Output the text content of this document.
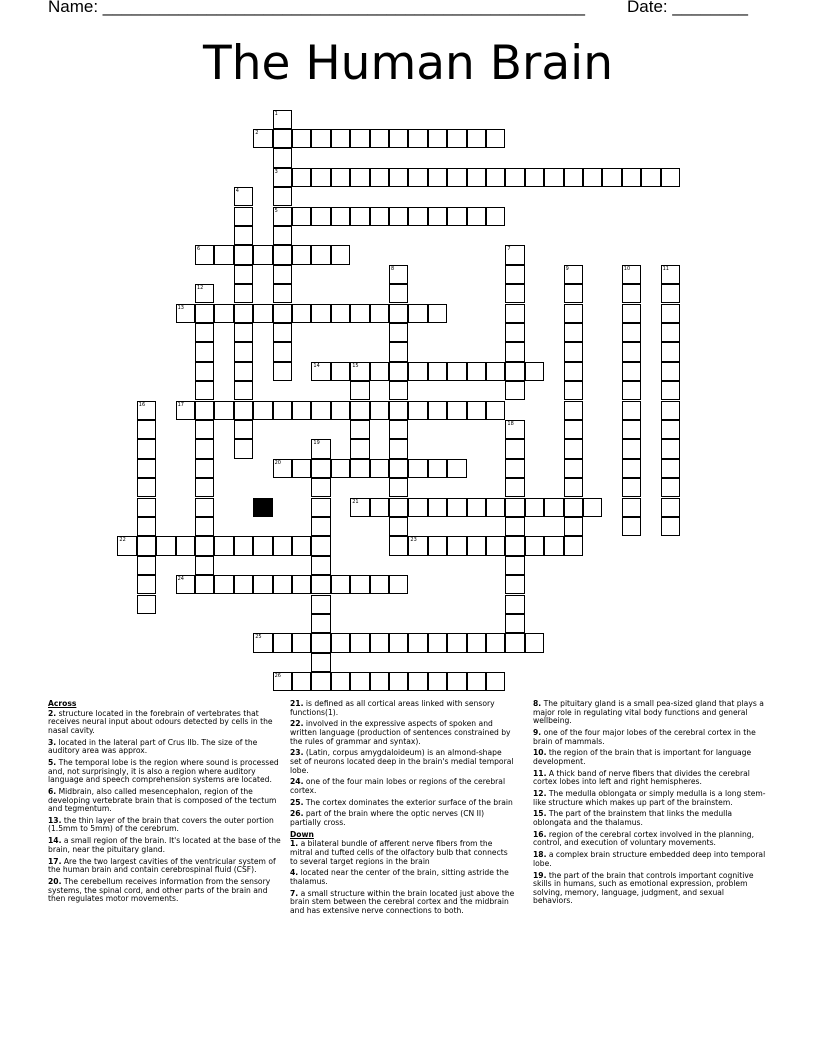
Name: ___________________________________________________ Date: ________
The Human Brain
2
3
5
6
13
14	15
17
20
21
22	23
24
25
26
1
4
7
8	9	10	11
12
16
18
19
Across
2. structure located in the forebrain of vertebrates that receives neural input about odours detected by cells in the nasal cavity.
3. located in the lateral part of Crus IIb. The size of the auditory area was approx.
5. The temporal lobe is the region where sound is processed and, not surprisingly, it is also a region where auditory language and speech comprehension systems are located.
6. Midbrain, also called mesencephalon, region of the developing vertebrate brain that is composed of the tectum and tegmentum.
13. the thin layer of the brain that covers the outer portion (1.5mm to 5mm) of the cerebrum.
14. a small region of the brain. It's located at the base of the brain, near the pituitary gland.
17. Are the two largest cavities of the ventricular system of the human brain and contain cerebrospinal fluid (CSF).
20. The cerebellum receives information from the sensory systems, the spinal cord, and other parts of the brain and then regulates motor movements.
21. is defined as all cortical areas linked with sensory functions(1).
22. involved in the expressive aspects of spoken and written language (production of sentences constrained by the rules of grammar and syntax).
23. (Latin, corpus amygdaloideum) is an almond-shape set of neurons located deep in the brain's medial temporal lobe.
24. one of the four main lobes or regions of the cerebral cortex.
25. The cortex dominates the exterior surface of the brain
26. part of the brain where the optic nerves (CN II) partially cross.
Down
1. a bilateral bundle of afferent nerve fibers from the mitral and tufted cells of the olfactory bulb that connects to several target regions in the brain
4. located near the center of the brain, sitting astride the thalamus.
7. a small structure within the brain located just above the brain stem between the cerebral cortex and the midbrain and has extensive nerve connections to both.
8. The pituitary gland is a small pea-sized gland that plays a major role in regulating vital body functions and general wellbeing.
9. one of the four major lobes of the cerebral cortex in the brain of mammals.
10. the region of the brain that is important for language development.
11. A thick band of nerve fibers that divides the cerebral cortex lobes into left and right hemispheres.
12. The medulla oblongata or simply medulla is a long stem-like structure which makes up part of the brainstem.
15. The part of the brainstem that links the medulla oblongata and the thalamus.
16. region of the cerebral cortex involved in the planning, control, and execution of voluntary movements.
18. a complex brain structure embedded deep into temporal lobe.
19. the part of the brain that controls important cognitive skills in humans, such as emotional expression, problem solving, memory, language, judgment, and sexual behaviors.
